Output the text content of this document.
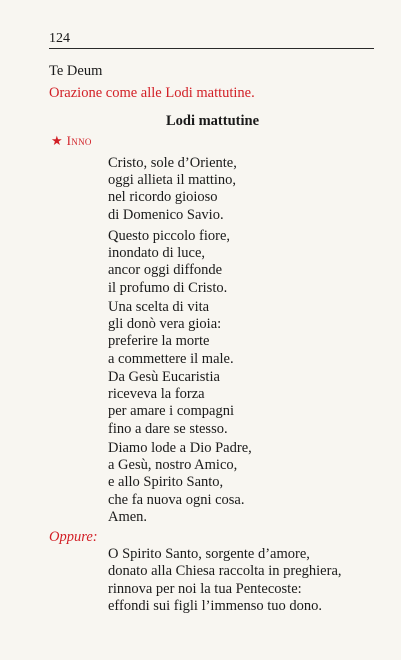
124
Te Deum
Orazione come alle Lodi mattutine.
Lodi mattutine
★ Inno
Cristo, sole d’Oriente,
oggi allieta il mattino,
nel ricordo gioioso
di Domenico Savio.
Questo piccolo fiore,
inondato di luce,
ancor oggi diffonde
il profumo di Cristo.
Una scelta di vita
gli donò vera gioia:
preferire la morte
a commettere il male.
Da Gesù Eucaristia
riceveva la forza
per amare i compagni
fino a dare se stesso.
Diamo lode a Dio Padre,
a Gesù, nostro Amico,
e allo Spirito Santo,
che fa nuova ogni cosa.
Amen.
Oppure:
O Spirito Santo, sorgente d’amore,
donato alla Chiesa raccolta in preghiera,
rinnova per noi la tua Pentecoste:
effondi sui figli l’immenso tuo dono.
